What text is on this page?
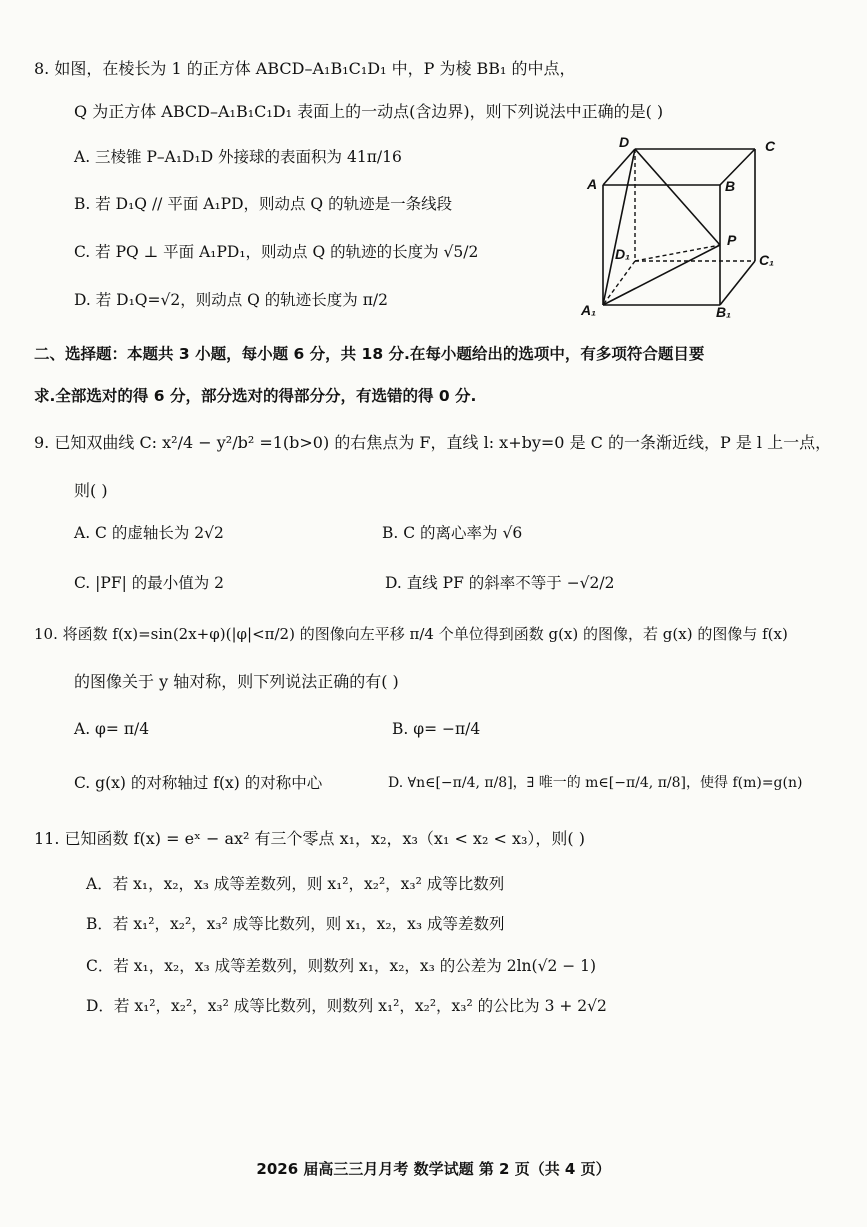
8. 如图，在棱长为 1 的正方体 ABCD–A₁B₁C₁D₁ 中，P 为棱 BB₁ 的中点，
Q 为正方体 ABCD–A₁B₁C₁D₁ 表面上的一动点(含边界)，则下列说法中正确的是( )
A. 三棱锥 P–A₁D₁D 外接球的表面积为 41π/16
B. 若 D₁Q // 平面 A₁PD，则动点 Q 的轨迹是一条线段
C. 若 PQ ⊥ 平面 A₁PD₁，则动点 Q 的轨迹的长度为 √5/2
D. 若 D₁Q=√2，则动点 Q 的轨迹长度为 π/2
D	C
A	B
D₁
P
C₁
A₁	B₁
二、选择题：本题共 3 小题，每小题 6 分，共 18 分.在每小题给出的选项中，有多项符合题目要
求.全部选对的得 6 分，部分选对的得部分分，有选错的得 0 分.
9. 已知双曲线 C: x²/4 − y²/b² =1(b>0) 的右焦点为 F，直线 l: x+by=0 是 C 的一条渐近线，P 是 l 上一点，
则( )
A. C 的虚轴长为 2√2	B. C 的离心率为 √6
C. |PF| 的最小值为 2	D. 直线 PF 的斜率不等于 −√2/2
10. 将函数 f(x)=sin(2x+φ)(|φ|<π/2) 的图像向左平移 π/4 个单位得到函数 g(x) 的图像，若 g(x) 的图像与 f(x)
的图像关于 y 轴对称，则下列说法正确的有( )
A. φ= π/4	B. φ= −π/4
C. g(x) 的对称轴过 f(x) 的对称中心	D. ∀n∈[−π/4, π/8]，∃ 唯一的 m∈[−π/4, π/8]，使得 f(m)=g(n)
11. 已知函数 f(x) = eˣ − ax² 有三个零点 x₁，x₂，x₃（x₁ < x₂ < x₃），则( )
A．若 x₁，x₂，x₃ 成等差数列，则 x₁²，x₂²，x₃² 成等比数列
B．若 x₁²，x₂²，x₃² 成等比数列，则 x₁，x₂，x₃ 成等差数列
C．若 x₁，x₂，x₃ 成等差数列，则数列 x₁，x₂，x₃ 的公差为 2ln(√2 − 1)
D．若 x₁²，x₂²，x₃² 成等比数列，则数列 x₁²，x₂²，x₃² 的公比为 3 + 2√2
2026 届高三三月月考 数学试题 第 2 页（共 4 页）
